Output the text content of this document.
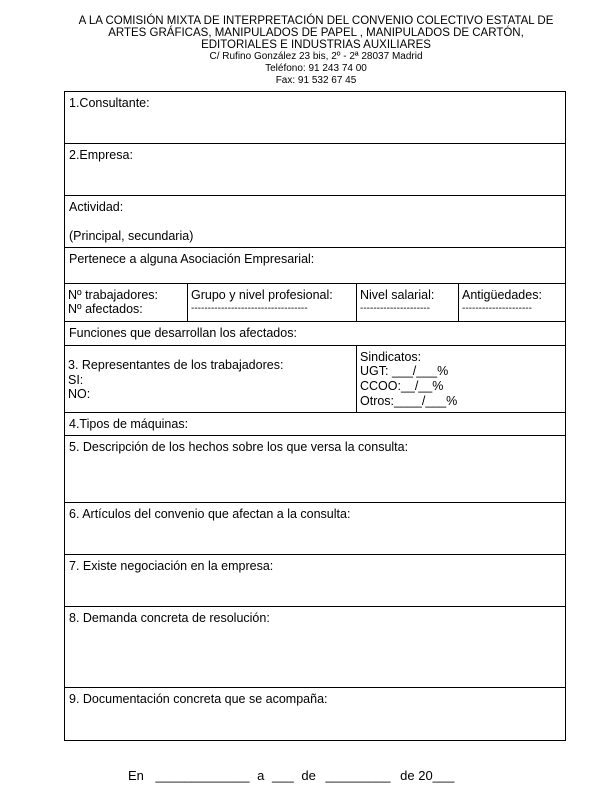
A LA COMISIÓN MIXTA DE INTERPRETACIÓN DEL CONVENIO COLECTIVO ESTATAL DE
ARTES GRÁFICAS, MANIPULADOS DE PAPEL , MANIPULADOS DE CARTÓN,
EDITORIALES E INDUSTRIAS AUXILIARES
C/ Rufino González 23 bis, 2º - 2ª 28037 Madrid
Teléfono: 91 243 74 00
Fax: 91 532 67 45
1.Consultante:
2.Empresa:
Actividad:
(Principal, secundaria)
Pertenece a alguna Asociación Empresarial:
Nº trabajadores:
Nº afectados:
Grupo y nivel profesional:
-----------------------------------
Nivel salarial:
---------------------
Antigüedades:
---------------------
Funciones que desarrollan los afectados:
3. Representantes de los trabajadores:
SI:
NO:
Sindicatos:
UGT: ___/___%
CCOO:__/__%
Otros:____/___%
4.Tipos de máquinas:
5. Descripción de los hechos sobre los que versa la consulta:
6. Artículos del convenio que afectan a la consulta:
7. Existe negociación en la empresa:
8. Demanda concreta de resolución:
9. Documentación concreta que se acompaña:
En _____________ a ___ de _________ de 20___
